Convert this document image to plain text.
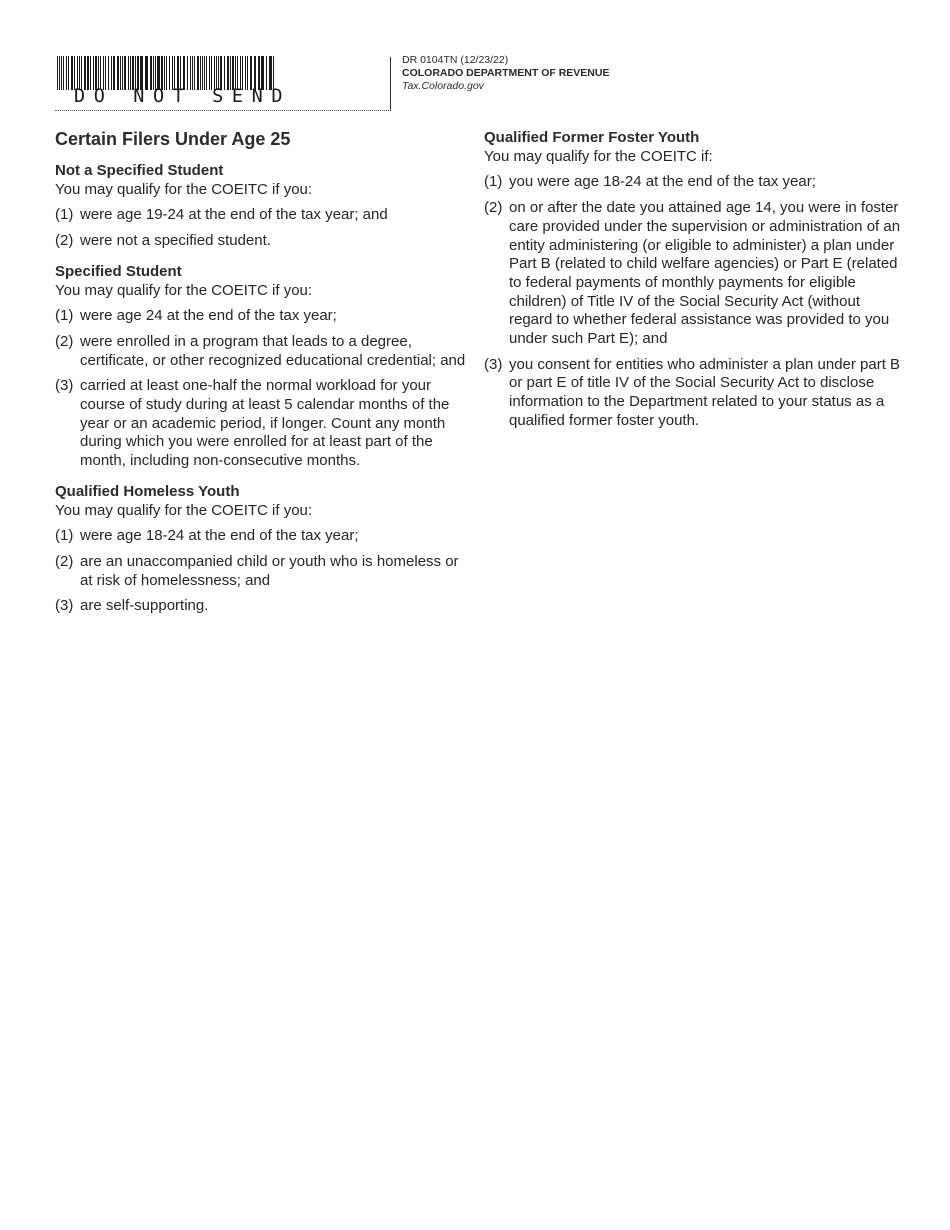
DO NOT SEND
DR 0104TN (12/23/22)
COLORADO DEPARTMENT OF REVENUE
Tax.Colorado.gov
Certain Filers Under Age 25
Not a Specified Student
You may qualify for the COEITC if you:
(1) were age 19-24 at the end of the tax year; and
(2) were not a specified student.
Specified Student
You may qualify for the COEITC if you:
(1) were age 24 at the end of the tax year;
(2) were enrolled in a program that leads to a degree, certificate, or other recognized educational credential; and
(3) carried at least one-half the normal workload for your course of study during at least 5 calendar months of the year or an academic period, if longer. Count any month during which you were enrolled for at least part of the month, including non-consecutive months.
Qualified Homeless Youth
You may qualify for the COEITC if you:
(1) were age 18-24 at the end of the tax year;
(2) are an unaccompanied child or youth who is homeless or at risk of homelessness; and
(3) are self-supporting.
Qualified Former Foster Youth
You may qualify for the COEITC if:
(1) you were age 18-24 at the end of the tax year;
(2) on or after the date you attained age 14, you were in foster care provided under the supervision or administration of an entity administering (or eligible to administer) a plan under Part B (related to child welfare agencies) or Part E (related to federal payments of monthly payments for eligible children) of Title IV of the Social Security Act (without regard to whether federal assistance was provided to you under such Part E); and
(3) you consent for entities who administer a plan under part B or part E of title IV of the Social Security Act to disclose information to the Department related to your status as a qualified former foster youth.
